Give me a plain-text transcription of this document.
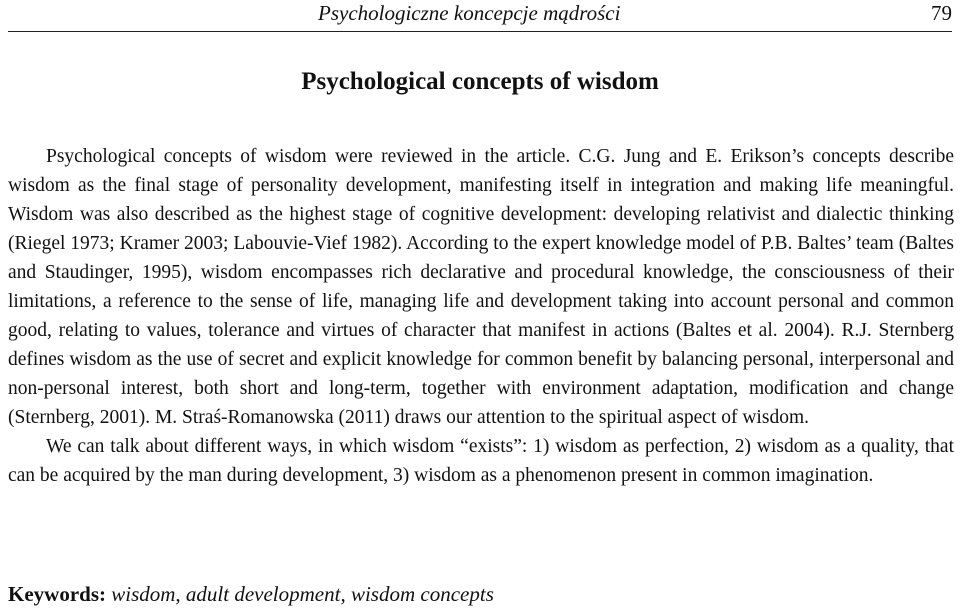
Psychologiczne koncepcje mądrości	79
Psychological concepts of wisdom

Psychological concepts of wisdom were reviewed in the article. C.G. Jung and E. Erikson’s concepts describe wisdom as the final stage of personality development, manifesting itself in integration and making life meaningful. Wisdom was also described as the highest stage of cognitive development: developing relativist and dialectic thinking (Riegel 1973; Kramer 2003; Labouvie-Vief 1982). According to the expert knowledge model of P.B. Baltes’ team (Baltes and Staudinger, 1995), wisdom encompasses rich declarative and procedural knowledge, the consciousness of their limitations, a reference to the sense of life, managing life and development taking into account personal and common good, relating to values, tolerance and virtues of character that manifest in actions (Baltes et al. 2004). R.J. Sternberg defines wisdom as the use of secret and explicit knowledge for common benefit by balancing personal, interpersonal and non-personal interest, both short and long-term, together with environment adaptation, modification and change (Sternberg, 2001). M. Straś-Romanowska (2011) draws our attention to the spiritual aspect of wisdom.

We can talk about different ways, in which wisdom “exists”: 1) wisdom as perfection, 2) wisdom as a quality, that can be acquired by the man during development, 3) wisdom as a phenomenon present in common imagination.

Keywords: wisdom, adult development, wisdom concepts
